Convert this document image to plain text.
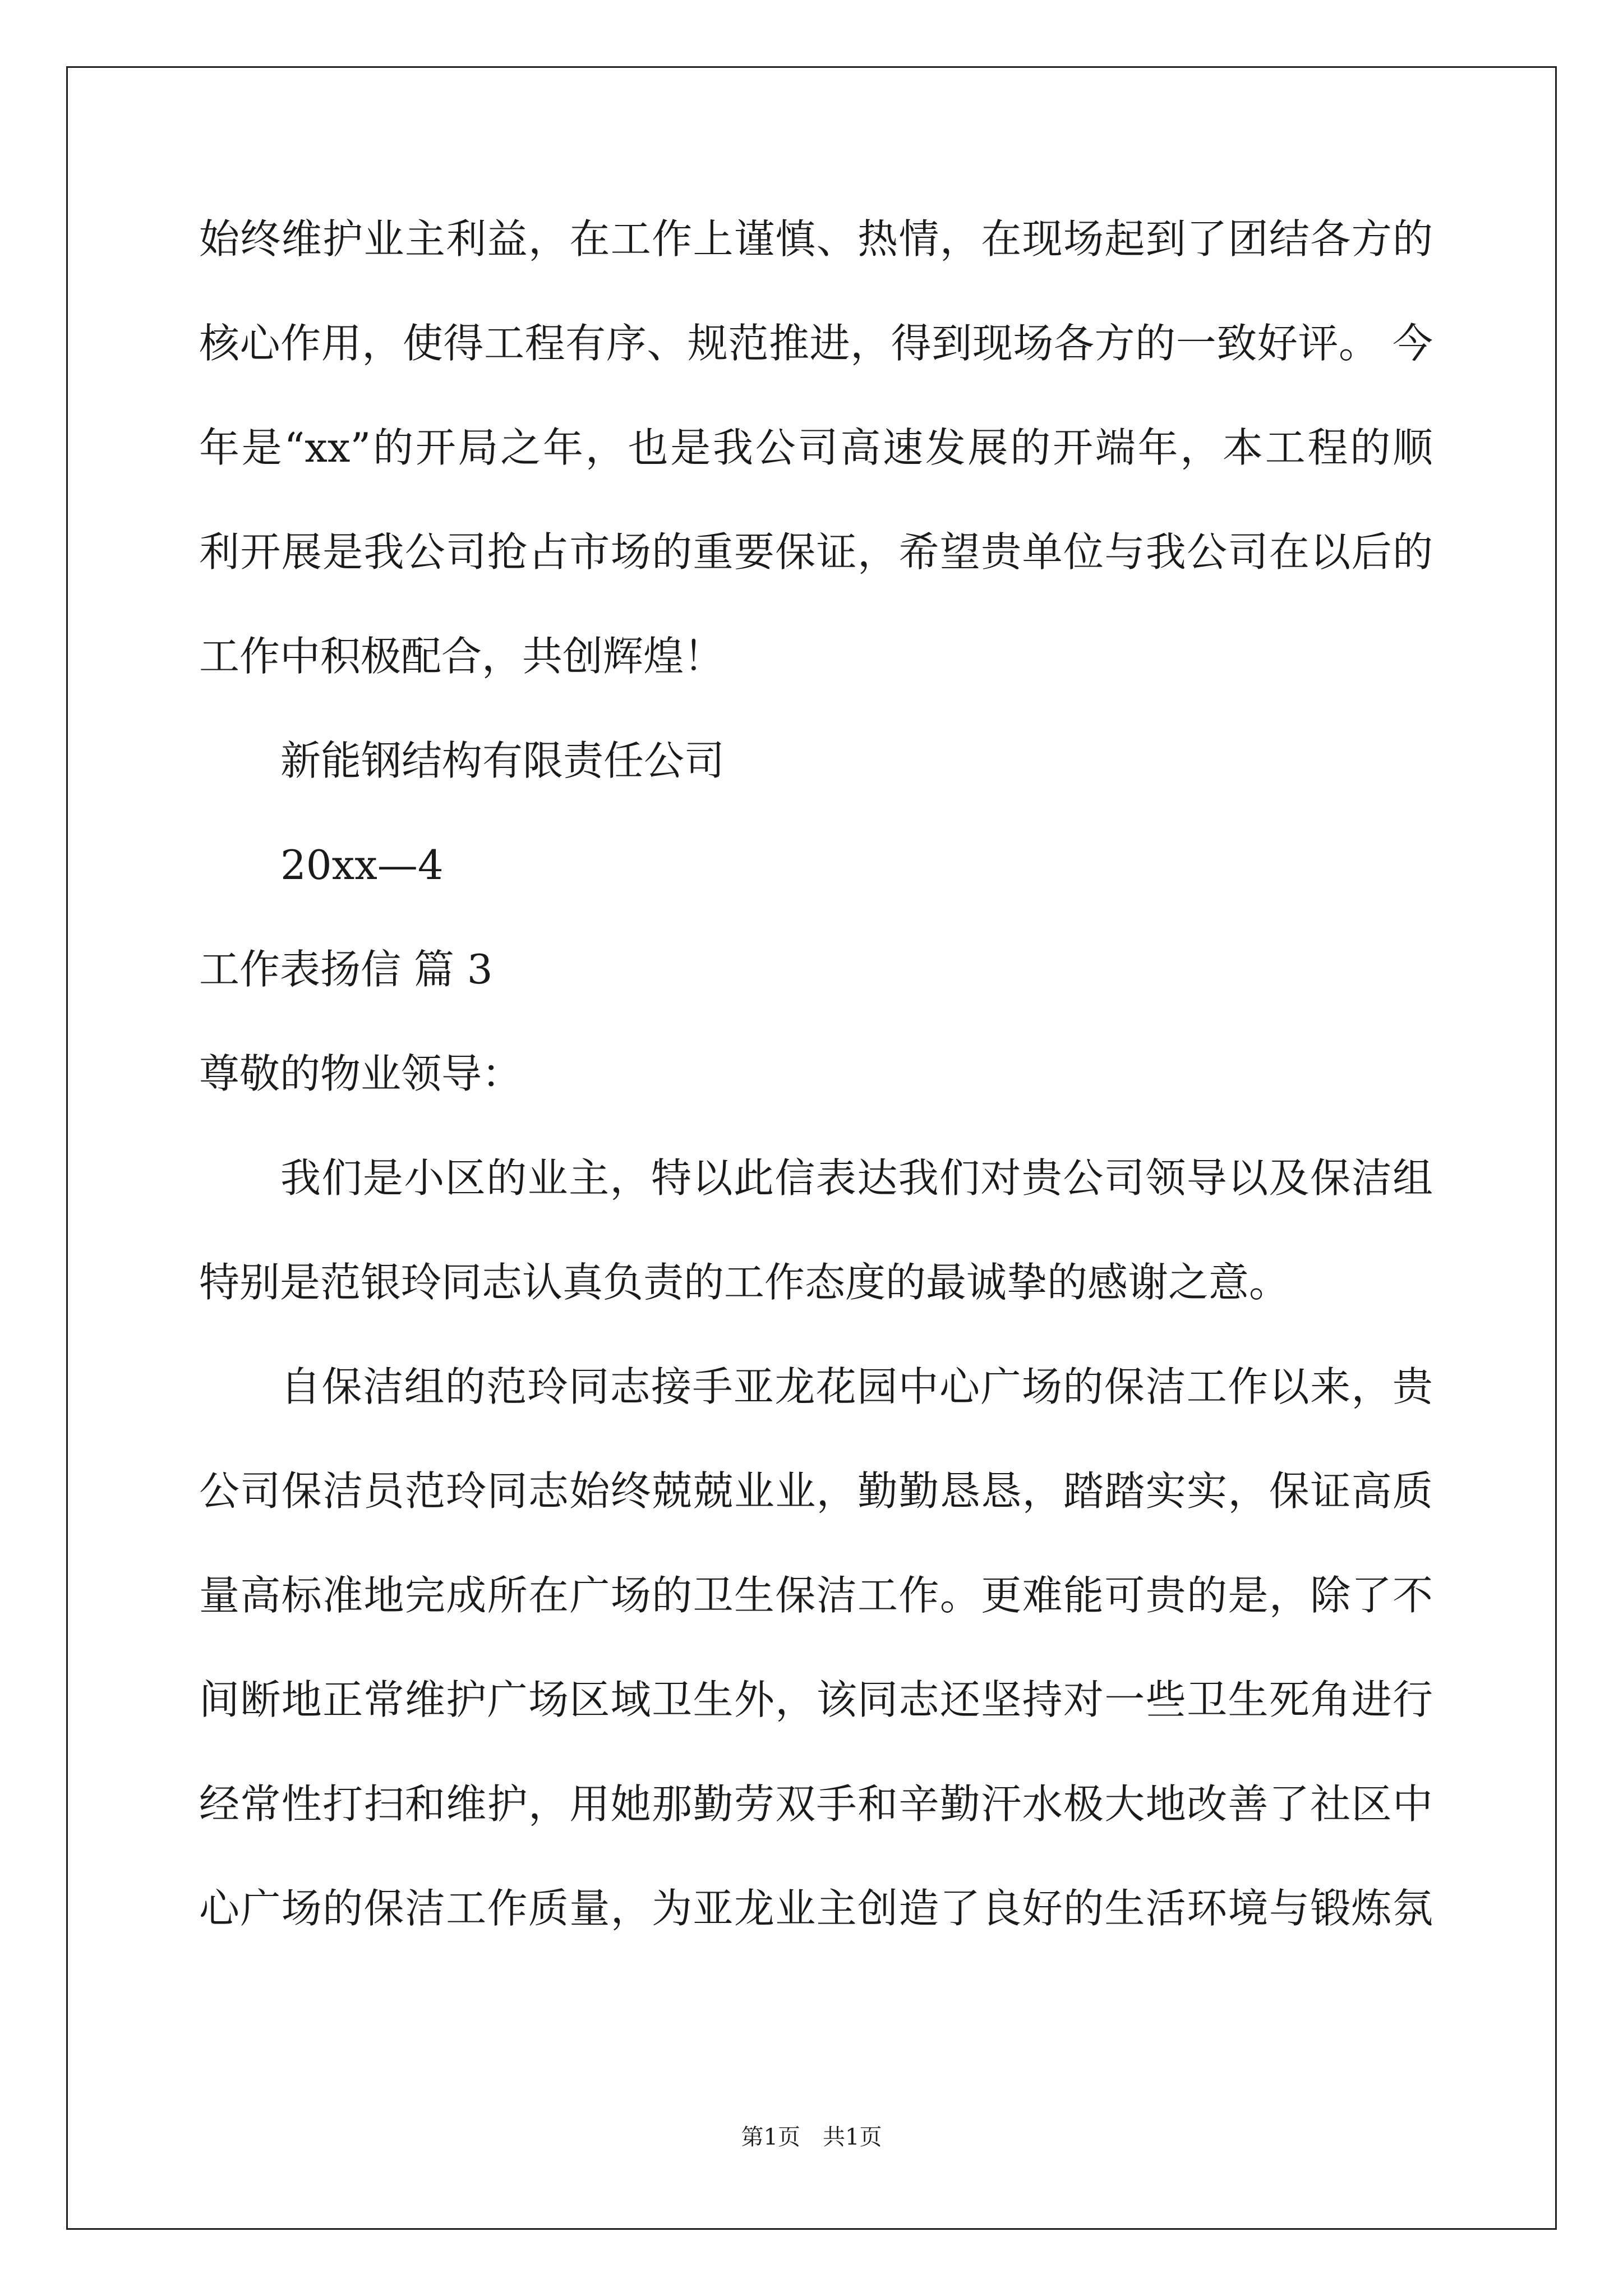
始终维护业主利益，在工作上谨慎、热情，在现场起到了团结各方的
核心作用，使得工程有序、规范推进，得到现场各方的一致好评。 今
年是“xx”的开局之年，也是我公司高速发展的开端年，本工程的顺
利开展是我公司抢占市场的重要保证，希望贵单位与我公司在以后的
工作中积极配合，共创辉煌！
新能钢结构有限责任公司
20xx—4
工作表扬信 篇 3
尊敬的物业领导：
我们是小区的业主，特以此信表达我们对贵公司领导以及保洁组
特别是范银玲同志认真负责的工作态度的最诚挚的感谢之意。
自保洁组的范玲同志接手亚龙花园中心广场的保洁工作以来，贵
公司保洁员范玲同志始终兢兢业业，勤勤恳恳，踏踏实实，保证高质
量高标准地完成所在广场的卫生保洁工作。更难能可贵的是，除了不
间断地正常维护广场区域卫生外，该同志还坚持对一些卫生死角进行
经常性打扫和维护，用她那勤劳双手和辛勤汗水极大地改善了社区中
心广场的保洁工作质量，为亚龙业主创造了良好的生活环境与锻炼氛
第1页　共1页
